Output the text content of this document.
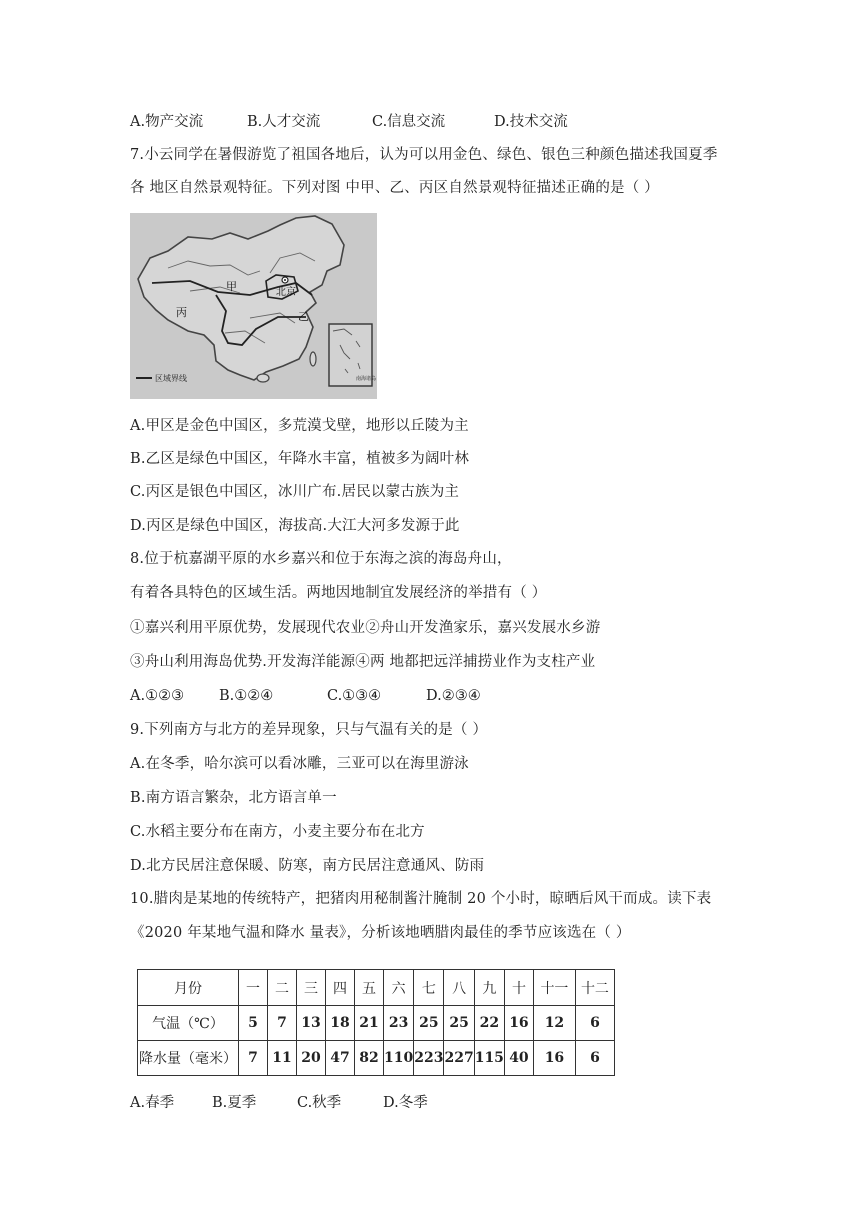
A.物产交流	B.人才交流	C.信息交流	D.技术交流
7.小云同学在暑假游览了祖国各地后，认为可以用金色、绿色、银色三种颜色描述我国夏季
各 地区自然景观特征。下列对图 中甲、乙、丙区自然景观特征描述正确的是（ ）
甲	北京
乙
丙
南海诸岛
区域界线
A.甲区是金色中国区，多荒漠戈壁，地形以丘陵为主
B.乙区是绿色中国区，年降水丰富，植被多为阔叶林
C.丙区是银色中国区，冰川广布.居民以蒙古族为主
D.丙区是绿色中国区，海拔高.大江大河多发源于此
8.位于杭嘉湖平原的水乡嘉兴和位于东海之滨的海岛舟山，
有着各具特色的区域生活。两地因地制宜发展经济的举措有（ ）
①嘉兴利用平原优势，发展现代农业②舟山开发渔家乐，嘉兴发展水乡游
③舟山利用海岛优势.开发海洋能源④两 地都把远洋捕捞业作为支柱产业
A.①②③ B.①②④	C.①③④	D.②③④
9.下列南方与北方的差异现象，只与气温有关的是（ ）
A.在冬季，哈尔滨可以看冰雕，三亚可以在海里游泳
B.南方语言繁杂，北方语言单一
C.水稻主要分布在南方，小麦主要分布在北方
D.北方民居注意保暖、防寒，南方民居注意通风、防雨
10.腊肉是某地的传统特产，把猪肉用秘制酱汁腌制 20 个小时，晾晒后风干而成。读下表
《2020 年某地气温和降水 量表》，分析该地晒腊肉最佳的季节应该选在（ ）
月份	一	二	三	四	五	六	七	八	九	十	十一	十二
气温（℃）	5	7	13	18	21	23	25	25	22	16	12	6
降水量（毫米）	7	11	20	47	82	110	223	227	115	40	16	6
A.春季	B.夏季	C.秋季	D.冬季
